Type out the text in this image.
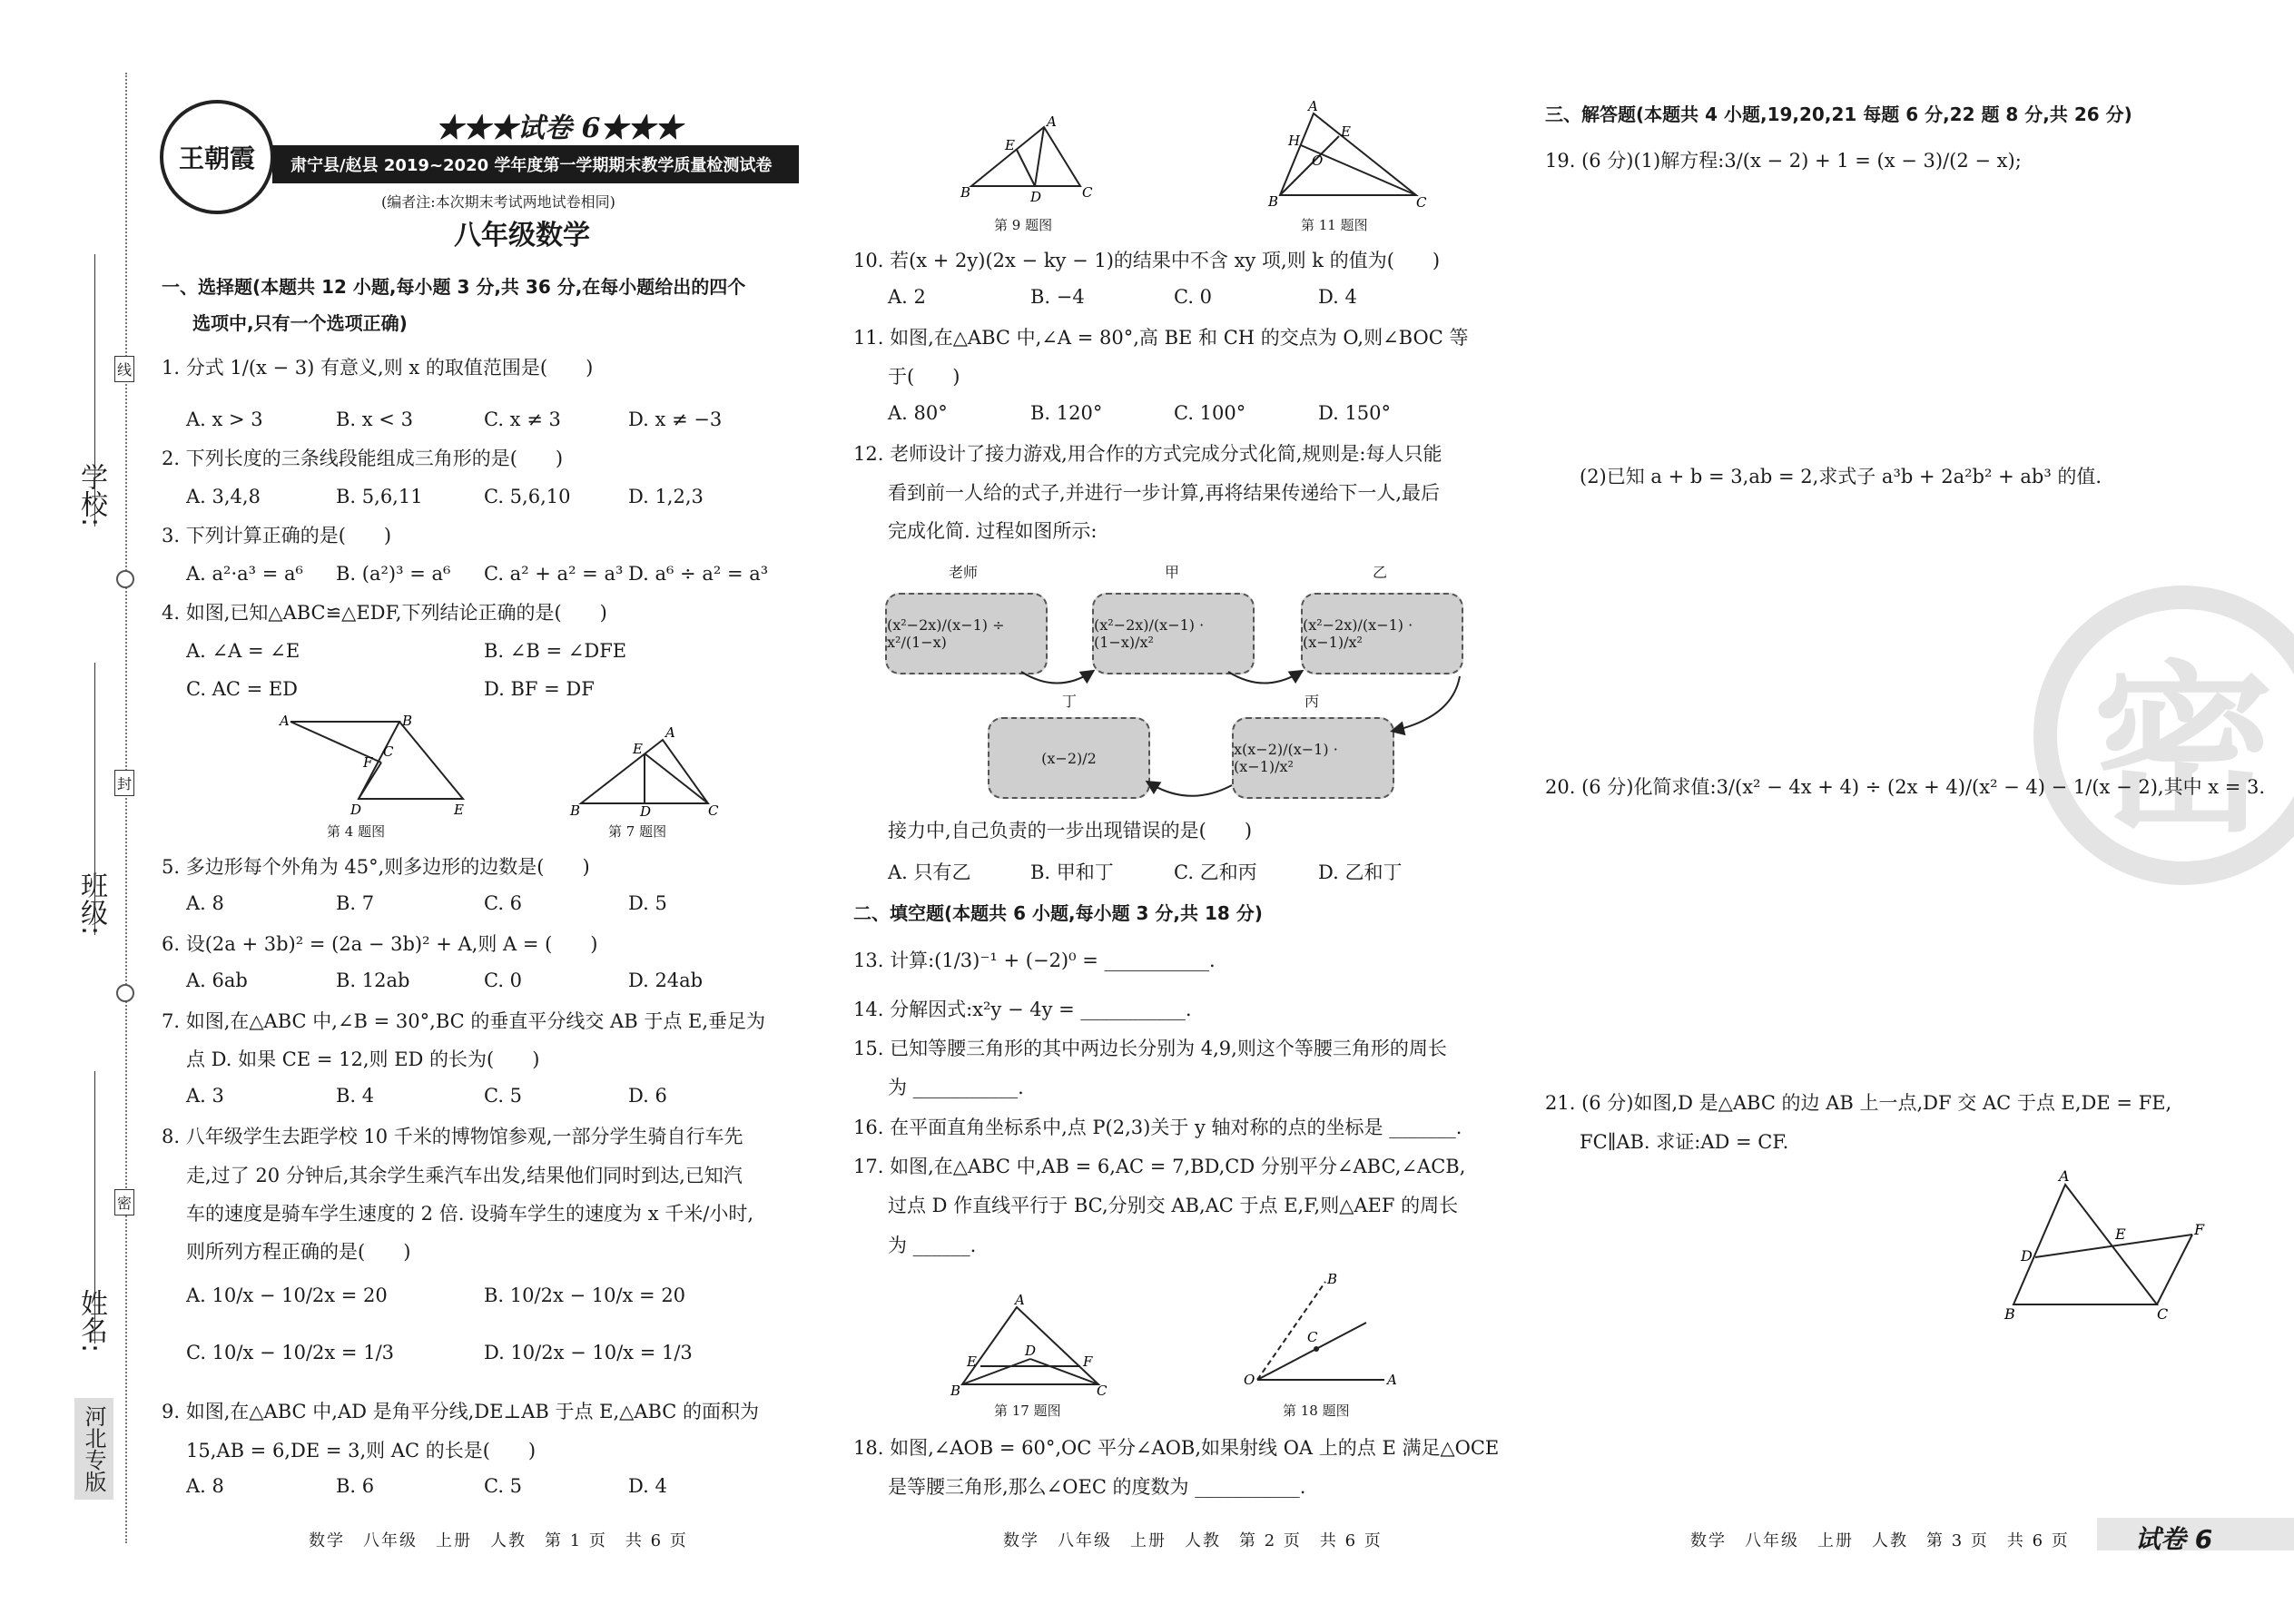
学校:
班级:
姓名:
线
封
密
河北专版
王朝霞
★★★试卷 6★★★
肃宁县/赵县 2019~2020 学年度第一学期期末教学质量检测试卷
(编者注:本次期末考试两地试卷相同)
八年级数学
一、选择题(本题共 12 小题,每小题 3 分,共 36 分,在每小题给出的四个
选项中,只有一个选项正确)
1. 分式 1/(x − 3) 有意义,则 x 的取值范围是(　　)
A. x > 3	B. x < 3	C. x ≠ 3	D. x ≠ −3
2. 下列长度的三条线段能组成三角形的是(　　)
A. 3,4,8	B. 5,6,11	C. 5,6,10	D. 1,2,3
3. 下列计算正确的是(　　)
A. a²·a³ = a⁶ B. (a²)³ = a⁶ C. a² + a² = a³ D. a⁶ ÷ a² = a³
4. 如图,已知△ABC≌△EDF,下列结论正确的是(　　)
A. ∠A = ∠E	B. ∠B = ∠DFE
C. AC = ED	D. BF = DF
A	B
C
F
D	E
第 4 题图
B	C
A
E
D
第 7 题图
5. 多边形每个外角为 45°,则多边形的边数是(　　)
A. 8	B. 7	C. 6	D. 5
6. 设(2a + 3b)² = (2a − 3b)² + A,则 A = (　　)
A. 6ab	B. 12ab	C. 0	D. 24ab
7. 如图,在△ABC 中,∠B = 30°,BC 的垂直平分线交 AB 于点 E,垂足为
点 D. 如果 CE = 12,则 ED 的长为(　　)
A. 3	B. 4	C. 5	D. 6
8. 八年级学生去距学校 10 千米的博物馆参观,一部分学生骑自行车先
走,过了 20 分钟后,其余学生乘汽车出发,结果他们同时到达,已知汽
车的速度是骑车学生速度的 2 倍. 设骑车学生的速度为 x 千米/小时,
则所列方程正确的是(　　)
A. 10/x − 10/2x = 20	B. 10/2x − 10/x = 20
C. 10/x − 10/2x = 1/3	D. 10/2x − 10/x = 1/3
9. 如图,在△ABC 中,AD 是角平分线,DE⊥AB 于点 E,△ABC 的面积为
15,AB = 6,DE = 3,则 AC 的长是(　　)
A. 8	B. 6	C. 5	D. 4
数学　八年级　上册　人教　第 1 页　共 6 页
B	C
A
E
D
第 9 题图
B	C
A
H
E
O
第 11 题图
10. 若(x + 2y)(2x − ky − 1)的结果中不含 xy 项,则 k 的值为(　　)
A. 2	B. −4	C. 0	D. 4
11. 如图,在△ABC 中,∠A = 80°,高 BE 和 CH 的交点为 O,则∠BOC 等
于(　　)
A. 80°	B. 120°	C. 100°	D. 150°
12. 老师设计了接力游戏,用合作的方式完成分式化简,规则是:每人只能
看到前一人给的式子,并进行一步计算,再将结果传递给下一人,最后
完成化简. 过程如图所示:
老师	甲	乙
(x²−2x)/(x−1) ÷ x²/(1−x)
(x²−2x)/(x−1) · (1−x)/x²
(x²−2x)/(x−1) · (x−1)/x²
丁	丙
(x−2)/2	x(x−2)/(x−1) · (x−1)/x²
接力中,自己负责的一步出现错误的是(　　)
A. 只有乙	B. 甲和丁	C. 乙和丙	D. 乙和丁
二、填空题(本题共 6 小题,每小题 3 分,共 18 分)
13. 计算:(1/3)⁻¹ + (−2)⁰ = ___________.
14. 分解因式:x²y − 4y = ___________.
15. 已知等腰三角形的其中两边长分别为 4,9,则这个等腰三角形的周长
为 ___________.
16. 在平面直角坐标系中,点 P(2,3)关于 y 轴对称的点的坐标是 _______.
17. 如图,在△ABC 中,AB = 6,AC = 7,BD,CD 分别平分∠ABC,∠ACB,
过点 D 作直线平行于 BC,分别交 AB,AC 于点 E,F,则△AEF 的周长
为 ______.
B	C
A
E	F
D
第 17 题图
O	A
B
C
第 18 题图
18. 如图,∠AOB = 60°,OC 平分∠AOB,如果射线 OA 上的点 E 满足△OCE
是等腰三角形,那么∠OEC 的度数为 ___________.
数学　八年级　上册　人教　第 2 页　共 6 页
三、解答题(本题共 4 小题,19,20,21 每题 6 分,22 题 8 分,共 26 分)
19. (6 分)(1)解方程:3/(x − 2) + 1 = (x − 3)/(2 − x);
(2)已知 a + b = 3,ab = 2,求式子 a³b + 2a²b² + ab³ 的值.
密
20. (6 分)化简求值:3/(x² − 4x + 4) ÷ (2x + 4)/(x² − 4) − 1/(x − 2),其中 x = 3.
21. (6 分)如图,D 是△ABC 的边 AB 上一点,DF 交 AC 于点 E,DE = FE,
FC∥AB. 求证:AD = CF.
A
D
E	F
B	C
数学　八年级　上册　人教　第 3 页　共 6 页	试卷 6
